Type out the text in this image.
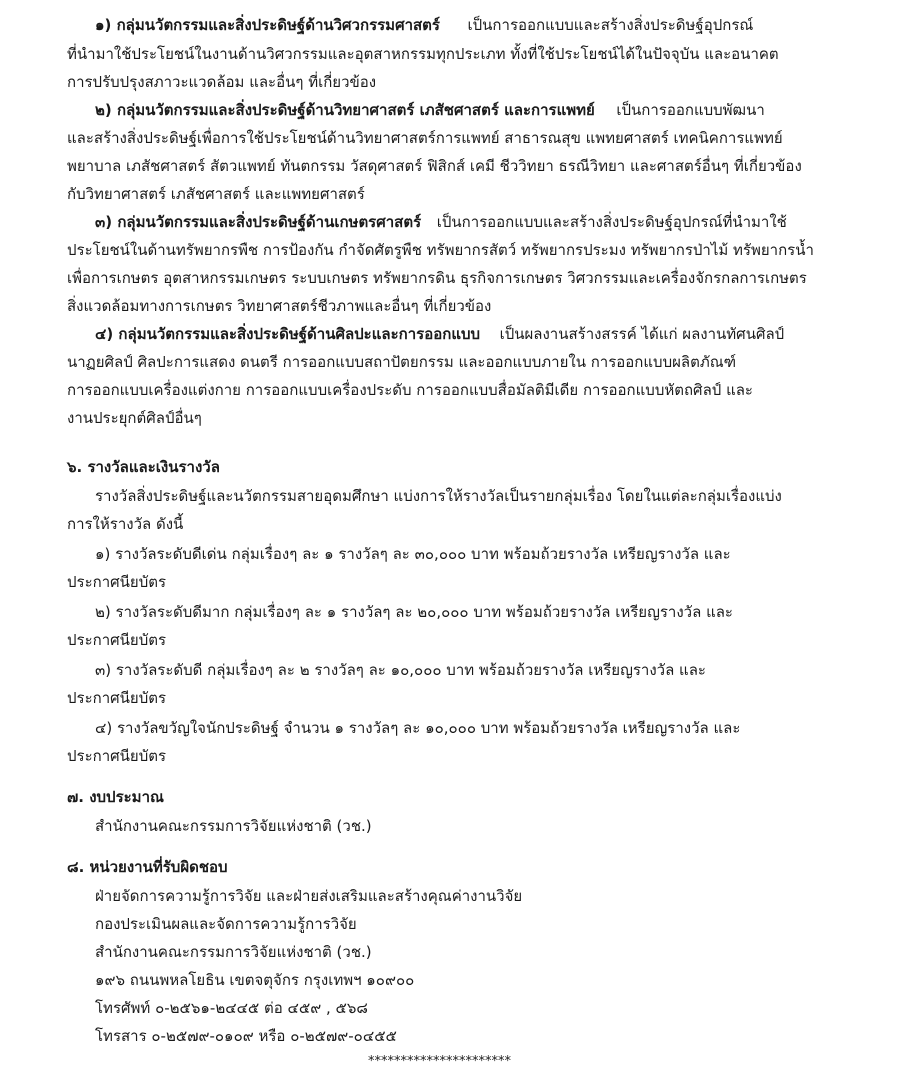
๑) กลุ่มนวัตกรรมและสิ่งประดิษฐ์ด้านวิศวกรรมศาสตร์ เป็นการออกแบบและสร้างสิ่งประดิษฐ์อุปกรณ์
ที่นำมาใช้ประโยชน์ในงานด้านวิศวกรรมและอุตสาหกรรมทุกประเภท ทั้งที่ใช้ประโยชน์ได้ในปัจจุบัน และอนาคต
การปรับปรุงสภาวะแวดล้อม และอื่นๆ ที่เกี่ยวข้อง
๒) กลุ่มนวัตกรรมและสิ่งประดิษฐ์ด้านวิทยาศาสตร์ เภสัชศาสตร์ และการแพทย์ เป็นการออกแบบพัฒนา
และสร้างสิ่งประดิษฐ์เพื่อการใช้ประโยชน์ด้านวิทยาศาสตร์การแพทย์ สาธารณสุข แพทยศาสตร์ เทคนิคการแพทย์
พยาบาล เภสัชศาสตร์ สัตวแพทย์ ทันตกรรม วัสดุศาสตร์ ฟิสิกส์ เคมี ชีววิทยา ธรณีวิทยา และศาสตร์อื่นๆ ที่เกี่ยวข้อง
กับวิทยาศาสตร์ เภสัชศาสตร์ และแพทยศาสตร์
๓) กลุ่มนวัตกรรมและสิ่งประดิษฐ์ด้านเกษตรศาสตร์ เป็นการออกแบบและสร้างสิ่งประดิษฐ์อุปกรณ์ที่นำมาใช้
ประโยชน์ในด้านทรัพยากรพืช การป้องกัน กำจัดศัตรูพืช ทรัพยากรสัตว์ ทรัพยากรประมง ทรัพยากรป่าไม้ ทรัพยากรน้ำ
เพื่อการเกษตร อุตสาหกรรมเกษตร ระบบเกษตร ทรัพยากรดิน ธุรกิจการเกษตร วิศวกรรมและเครื่องจักรกลการเกษตร
สิ่งแวดล้อมทางการเกษตร วิทยาศาสตร์ชีวภาพและอื่นๆ ที่เกี่ยวข้อง
๔) กลุ่มนวัตกรรมและสิ่งประดิษฐ์ด้านศิลปะและการออกแบบ เป็นผลงานสร้างสรรค์ ได้แก่ ผลงานทัศนศิลป์
นาฏยศิลป์ ศิลปะการแสดง ดนตรี การออกแบบสถาปัตยกรรม และออกแบบภายใน การออกแบบผลิตภัณฑ์
การออกแบบเครื่องแต่งกาย การออกแบบเครื่องประดับ การออกแบบสื่อมัลติมีเดีย การออกแบบหัตถศิลป์ และ
งานประยุกต์ศิลป์อื่นๆ
๖. รางวัลและเงินรางวัล
รางวัลสิ่งประดิษฐ์และนวัตกรรมสายอุดมศึกษา แบ่งการให้รางวัลเป็นรายกลุ่มเรื่อง โดยในแต่ละกลุ่มเรื่องแบ่ง
การให้รางวัล ดังนี้
๑) รางวัลระดับดีเด่น กลุ่มเรื่องๆ ละ ๑ รางวัลๆ ละ ๓๐,๐๐๐ บาท พร้อมถ้วยรางวัล เหรียญรางวัล และ
ประกาศนียบัตร
๒) รางวัลระดับดีมาก กลุ่มเรื่องๆ ละ ๑ รางวัลๆ ละ ๒๐,๐๐๐ บาท พร้อมถ้วยรางวัล เหรียญรางวัล และ
ประกาศนียบัตร
๓) รางวัลระดับดี กลุ่มเรื่องๆ ละ ๒ รางวัลๆ ละ ๑๐,๐๐๐ บาท พร้อมถ้วยรางวัล เหรียญรางวัล และ
ประกาศนียบัตร
๔) รางวัลขวัญใจนักประดิษฐ์ จำนวน ๑ รางวัลๆ ละ ๑๐,๐๐๐ บาท พร้อมถ้วยรางวัล เหรียญรางวัล และ
ประกาศนียบัตร
๗. งบประมาณ
สำนักงานคณะกรรมการวิจัยแห่งชาติ (วช.)
๘. หน่วยงานที่รับผิดชอบ
ฝ่ายจัดการความรู้การวิจัย และฝ่ายส่งเสริมและสร้างคุณค่างานวิจัย
กองประเมินผลและจัดการความรู้การวิจัย
สำนักงานคณะกรรมการวิจัยแห่งชาติ (วช.)
๑๙๖ ถนนพหลโยธิน เขตจตุจักร กรุงเทพฯ ๑๐๙๐๐
โทรศัพท์ ๐-๒๕๖๑-๒๔๔๕ ต่อ ๔๕๙ , ๕๖๘
โทรสาร ๐-๒๕๗๙-๐๑๐๙ หรือ ๐-๒๕๗๙-๐๔๕๕
**********************
